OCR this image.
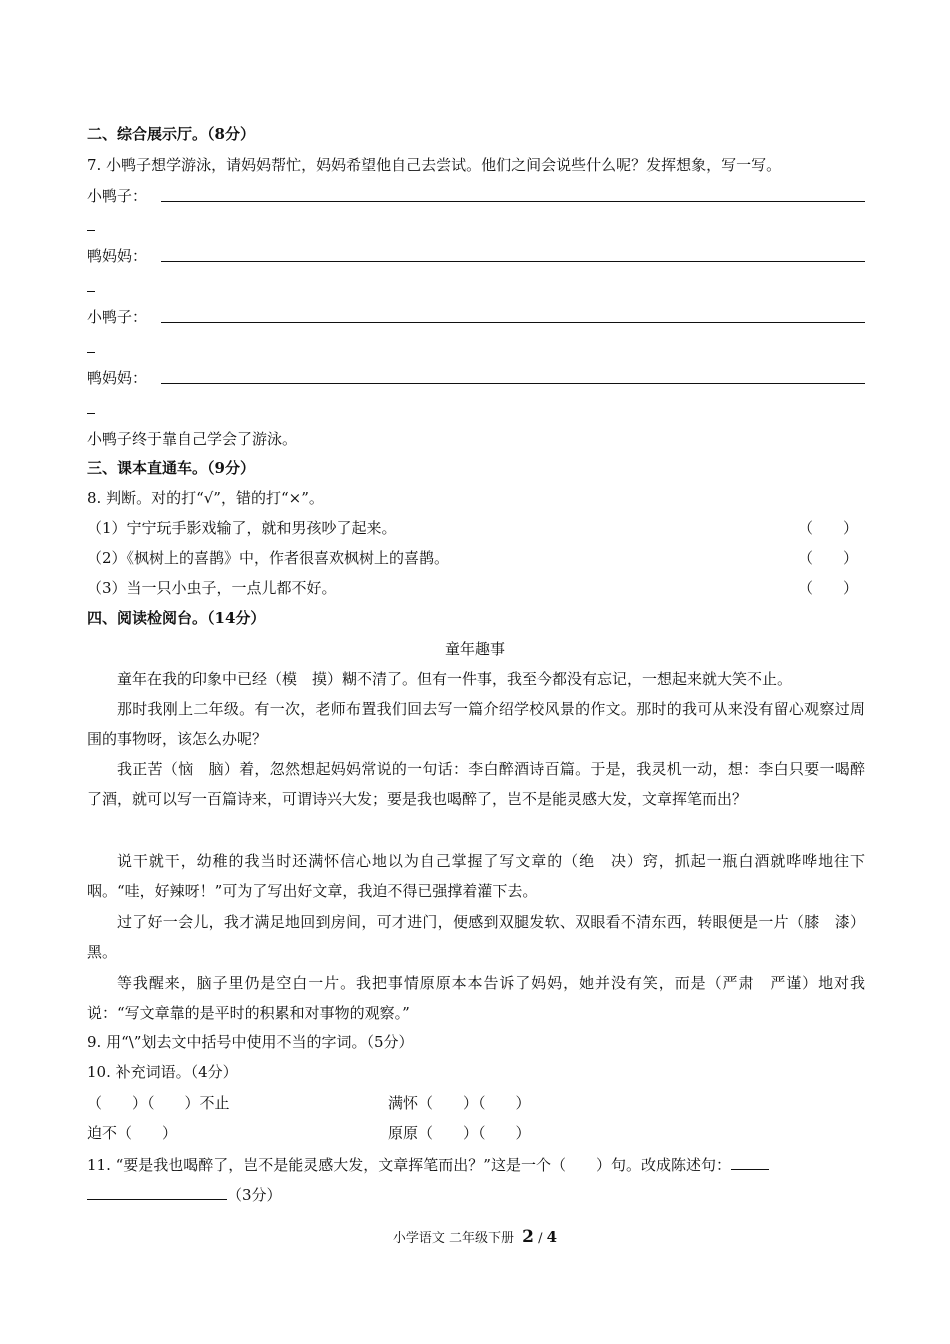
二、综合展示厅。（8分）
7. 小鸭子想学游泳，请妈妈帮忙，妈妈希望他自己去尝试。他们之间会说些什么呢？发挥想象，写一写。
小鸭子：
鸭妈妈：
小鸭子：
鸭妈妈：
小鸭子终于靠自己学会了游泳。
三、课本直通车。（9分）
8. 判断。对的打“√”，错的打“×”。
（1）宁宁玩手影戏输了，就和男孩吵了起来。	（　　）
（2）《枫树上的喜鹊》中，作者很喜欢枫树上的喜鹊。	（　　）
（3）当一只小虫子，一点儿都不好。	（　　）
四、阅读检阅台。（14分）
童年趣事
童年在我的印象中已经（模　摸）糊不清了。但有一件事，我至今都没有忘记，一想起来就大笑不止。
那时我刚上二年级。有一次，老师布置我们回去写一篇介绍学校风景的作文。那时的我可从来没有留心观察过周围的事物呀，该怎么办呢？
我正苦（恼　脑）着，忽然想起妈妈常说的一句话：李白醉酒诗百篇。于是，我灵机一动，想：李白只要一喝醉了酒，就可以写一百篇诗来，可谓诗兴大发；要是我也喝醉了，岂不是能灵感大发，文章挥笔而出？
说干就干，幼稚的我当时还满怀信心地以为自己掌握了写文章的（绝　决）窍，抓起一瓶白酒就哗哗地往下咽。“哇，好辣呀！”可为了写出好文章，我迫不得已强撑着灌下去。
过了好一会儿，我才满足地回到房间，可才进门，便感到双腿发软、双眼看不清东西，转眼便是一片（膝　漆）黑。
等我醒来，脑子里仍是空白一片。我把事情原原本本告诉了妈妈，她并没有笑，而是（严肃　严谨）地对我说：“写文章靠的是平时的积累和对事物的观察。”
9. 用“\”划去文中括号中使用不当的字词。（5分）
10. 补充词语。（4分）
（　　）（　　）不止	满怀（　　）（　　）
迫不（　　）	原原（　　）（　　）
11. “要是我也喝醉了，岂不是能灵感大发，文章挥笔而出？”这是一个（　　）句。改成陈述句：
（3分）
小学语文 二年级下册 2 / 4
